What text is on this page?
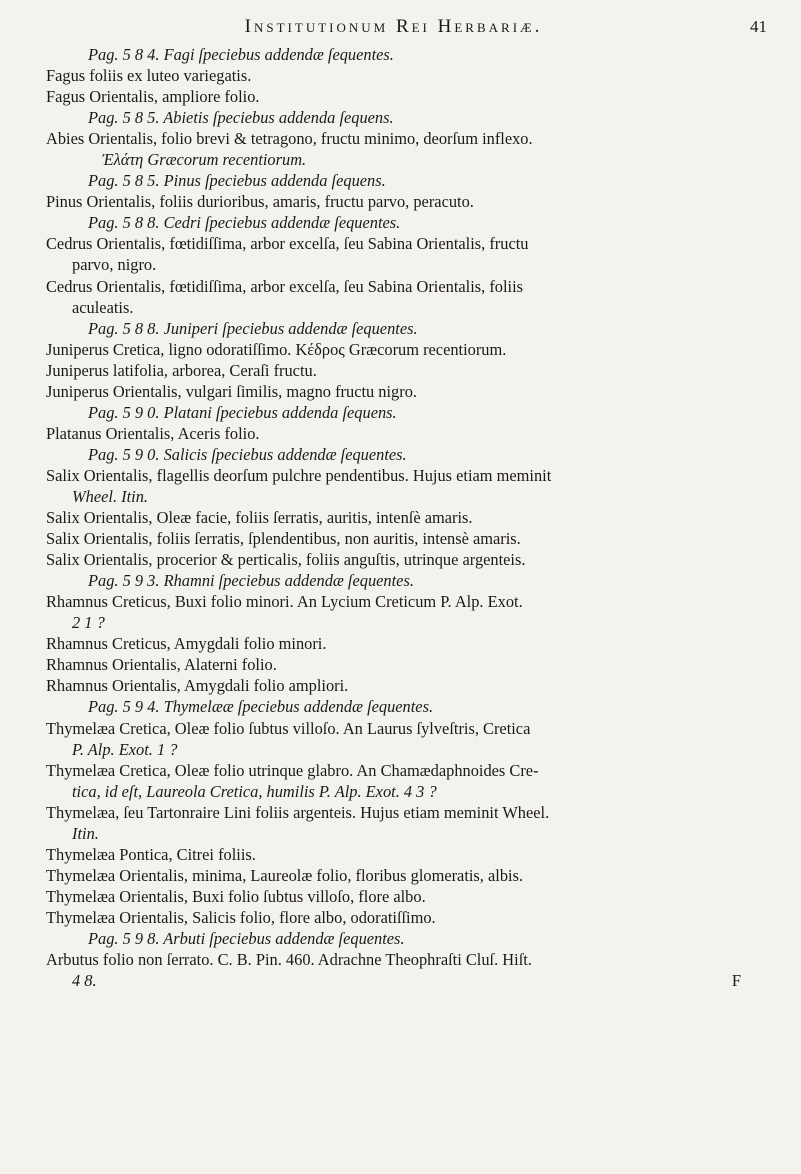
Institutionum Rei Herbariæ.	41
Pag. 5 8 4. Fagi ſpeciebus addendæ ſequentes.
Fagus foliis ex luteo variegatis.
Fagus Orientalis, ampliore folio.
Pag. 5 8 5. Abietis ſpeciebus addenda ſequens.
Abies Orientalis, folio brevi & tetragono, fructu minimo, deorſum inflexo.
Ἐλάτη Græcorum recentiorum.
Pag. 5 8 5. Pinus ſpeciebus addenda ſequens.
Pinus Orientalis, foliis durioribus, amaris, fructu parvo, peracuto.
Pag. 5 8 8. Cedri ſpeciebus addendæ ſequentes.
Cedrus Orientalis, fœtidiſſima, arbor excelſa, ſeu Sabina Orientalis, fructu
parvo, nigro.
Cedrus Orientalis, fœtidiſſima, arbor excelſa, ſeu Sabina Orientalis, foliis
aculeatis.
Pag. 5 8 8. Juniperi ſpeciebus addendæ ſequentes.
Juniperus Cretica, ligno odoratiſſimo. Κέδρος Græcorum recentiorum.
Juniperus latifolia, arborea, Ceraſi fructu.
Juniperus Orientalis, vulgari ſimilis, magno fructu nigro.
Pag. 5 9 0. Platani ſpeciebus addenda ſequens.
Platanus Orientalis, Aceris folio.
Pag. 5 9 0. Salicis ſpeciebus addendæ ſequentes.
Salix Orientalis, flagellis deorſum pulchre pendentibus. Hujus etiam meminit
Wheel. Itin.
Salix Orientalis, Oleæ facie, foliis ſerratis, auritis, intenſè amaris.
Salix Orientalis, foliis ſerratis, ſplendentibus, non auritis, intensè amaris.
Salix Orientalis, procerior & perticalis, foliis anguſtis, utrinque argenteis.
Pag. 5 9 3. Rhamni ſpeciebus addendæ ſequentes.
Rhamnus Creticus, Buxi folio minori. An Lycium Creticum P. Alp. Exot.
2 1 ?
Rhamnus Creticus, Amygdali folio minori.
Rhamnus Orientalis, Alaterni folio.
Rhamnus Orientalis, Amygdali folio ampliori.
Pag. 5 9 4. Thymelææ ſpeciebus addendæ ſequentes.
Thymelæa Cretica, Oleæ folio ſubtus villoſo. An Laurus ſylveſtris, Cretica
P. Alp. Exot. 1 ?
Thymelæa Cretica, Oleæ folio utrinque glabro. An Chamædaphnoides Cre-
tica, id eſt, Laureola Cretica, humilis P. Alp. Exot. 4 3 ?
Thymelæa, ſeu Tartonraire Lini foliis argenteis. Hujus etiam meminit Wheel.
Itin.
Thymelæa Pontica, Citrei foliis.
Thymelæa Orientalis, minima, Laureolæ folio, floribus glomeratis, albis.
Thymelæa Orientalis, Buxi folio ſubtus villoſo, flore albo.
Thymelæa Orientalis, Salicis folio, flore albo, odoratiſſimo.
Pag. 5 9 8. Arbuti ſpeciebus addendæ ſequentes.
Arbutus folio non ſerrato. C. B. Pin. 460. Adrachne Theophraſti Cluſ. Hiſt.
4 8.	F
